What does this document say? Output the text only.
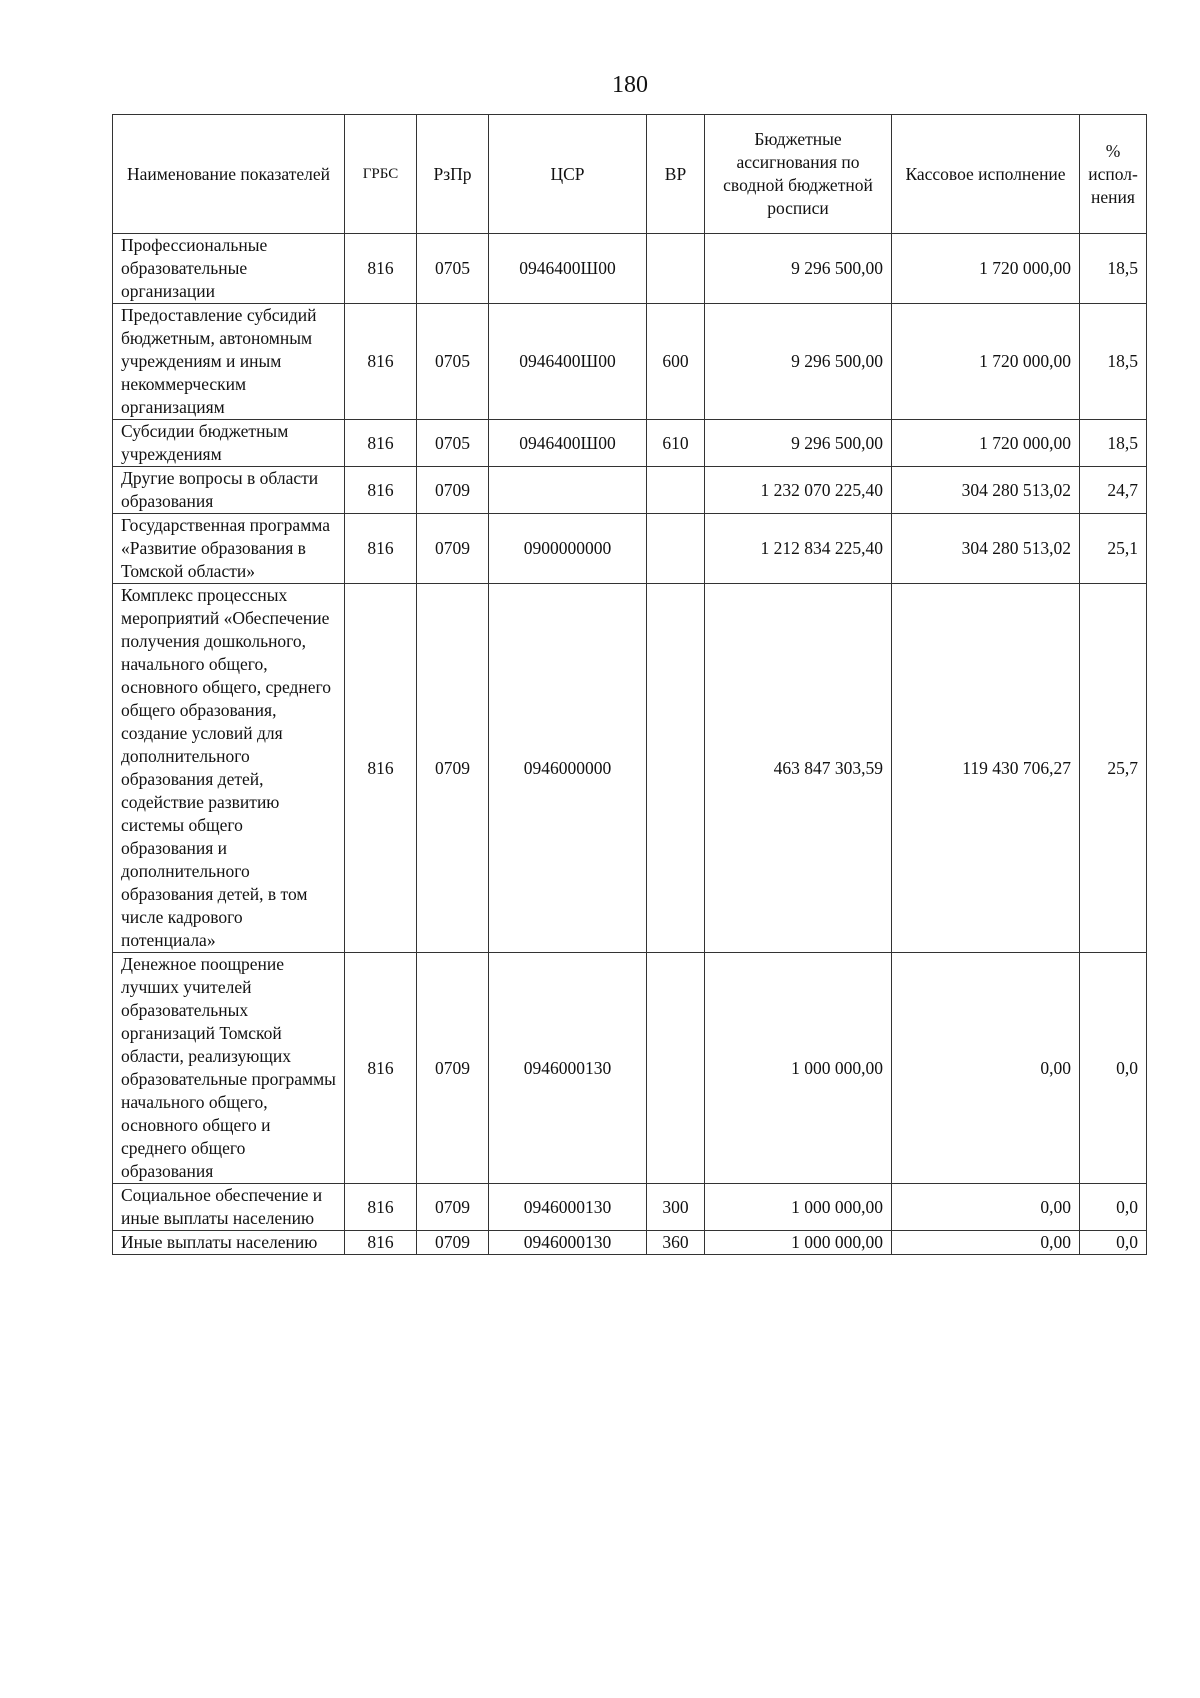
180
Наименование показателей	ГРБС	РзПр	ЦСР	ВР	Бюджетные ассигнования по сводной бюджетной росписи	Кассовое исполнение	% испол-нения
Профессиональные образовательные организации	816	0705	0946400Ш00		9 296 500,00	1 720 000,00	18,5
Предоставление субсидий бюджетным, автономным учреждениям и иным некоммерческим организациям	816	0705	0946400Ш00	600	9 296 500,00	1 720 000,00	18,5
Субсидии бюджетным учреждениям	816	0705	0946400Ш00	610	9 296 500,00	1 720 000,00	18,5
Другие вопросы в области образования	816	0709			1 232 070 225,40	304 280 513,02	24,7
Государственная программа «Развитие образования в Томской области»	816	0709	0900000000		1 212 834 225,40	304 280 513,02	25,1
Комплекс процессных мероприятий «Обеспечение получения дошкольного, начального общего, основного общего, среднего общего образования, создание условий для дополнительного образования детей, содействие развитию системы общего образования и дополнительного образования детей, в том числе кадрового потенциала»	816	0709	0946000000		463 847 303,59	119 430 706,27	25,7
Денежное поощрение лучших учителей образовательных организаций Томской области, реализующих образовательные программы начального общего, основного общего и среднего общего образования	816	0709	0946000130		1 000 000,00	0,00	0,0
Социальное обеспечение и иные выплаты населению	816	0709	0946000130	300	1 000 000,00	0,00	0,0
Иные выплаты населению	816	0709	0946000130	360	1 000 000,00	0,00	0,0
